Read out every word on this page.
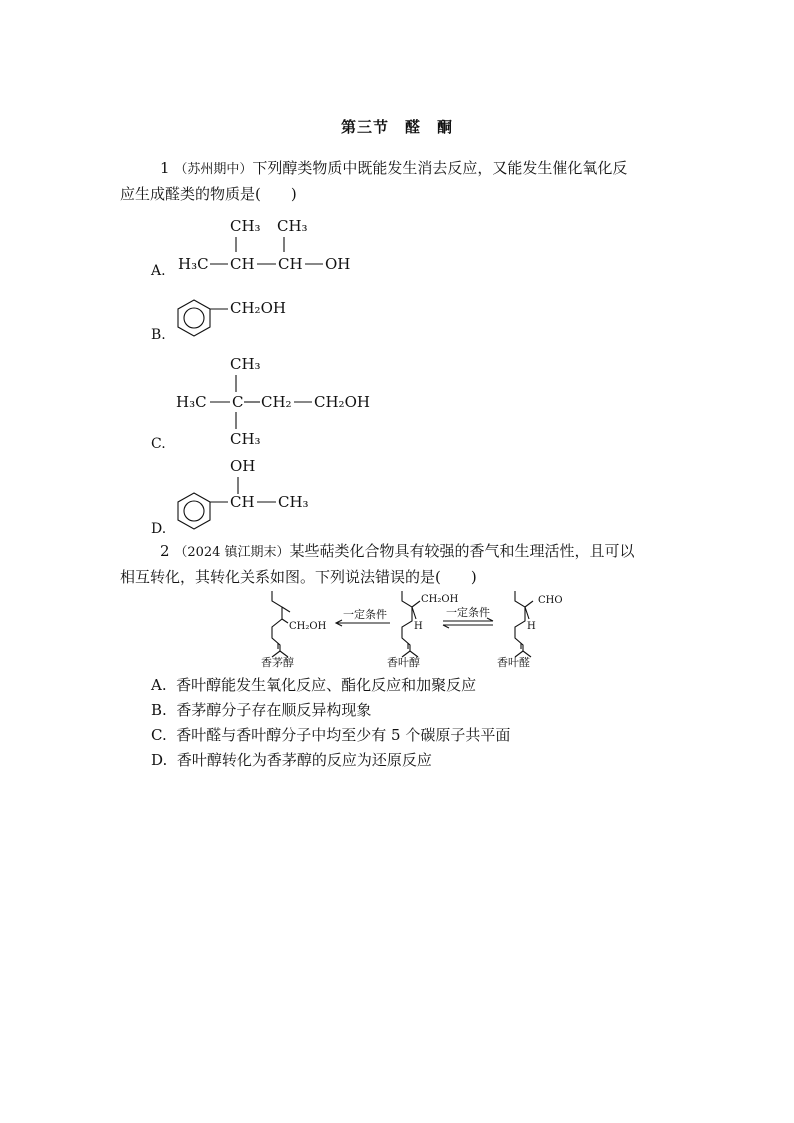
第三节　醛　酮
1 （苏州期中）下列醇类物质中既能发生消去反应，又能发生催化氧化反
应生成醛类的物质是(　　)
A.
CH₃ CH₃
H₃C CH CH OH
B.
CH₂OH
C.
CH₃
H₃C C CH₂ CH₂OH
CH₃
D.
OH
CH CH₃
2 （2024 镇江期末）某些萜类化合物具有较强的香气和生理活性，且可以
相互转化，其转化关系如图。下列说法错误的是(　　)
CH₂OH
香茅醇
一定条件
CH₂OH
H
香叶醇
一定条件
CHO
H
香叶醛
A. 香叶醇能发生氧化反应、酯化反应和加聚反应
B. 香茅醇分子存在顺反异构现象
C. 香叶醛与香叶醇分子中均至少有 5 个碳原子共平面
D. 香叶醇转化为香茅醇的反应为还原反应
